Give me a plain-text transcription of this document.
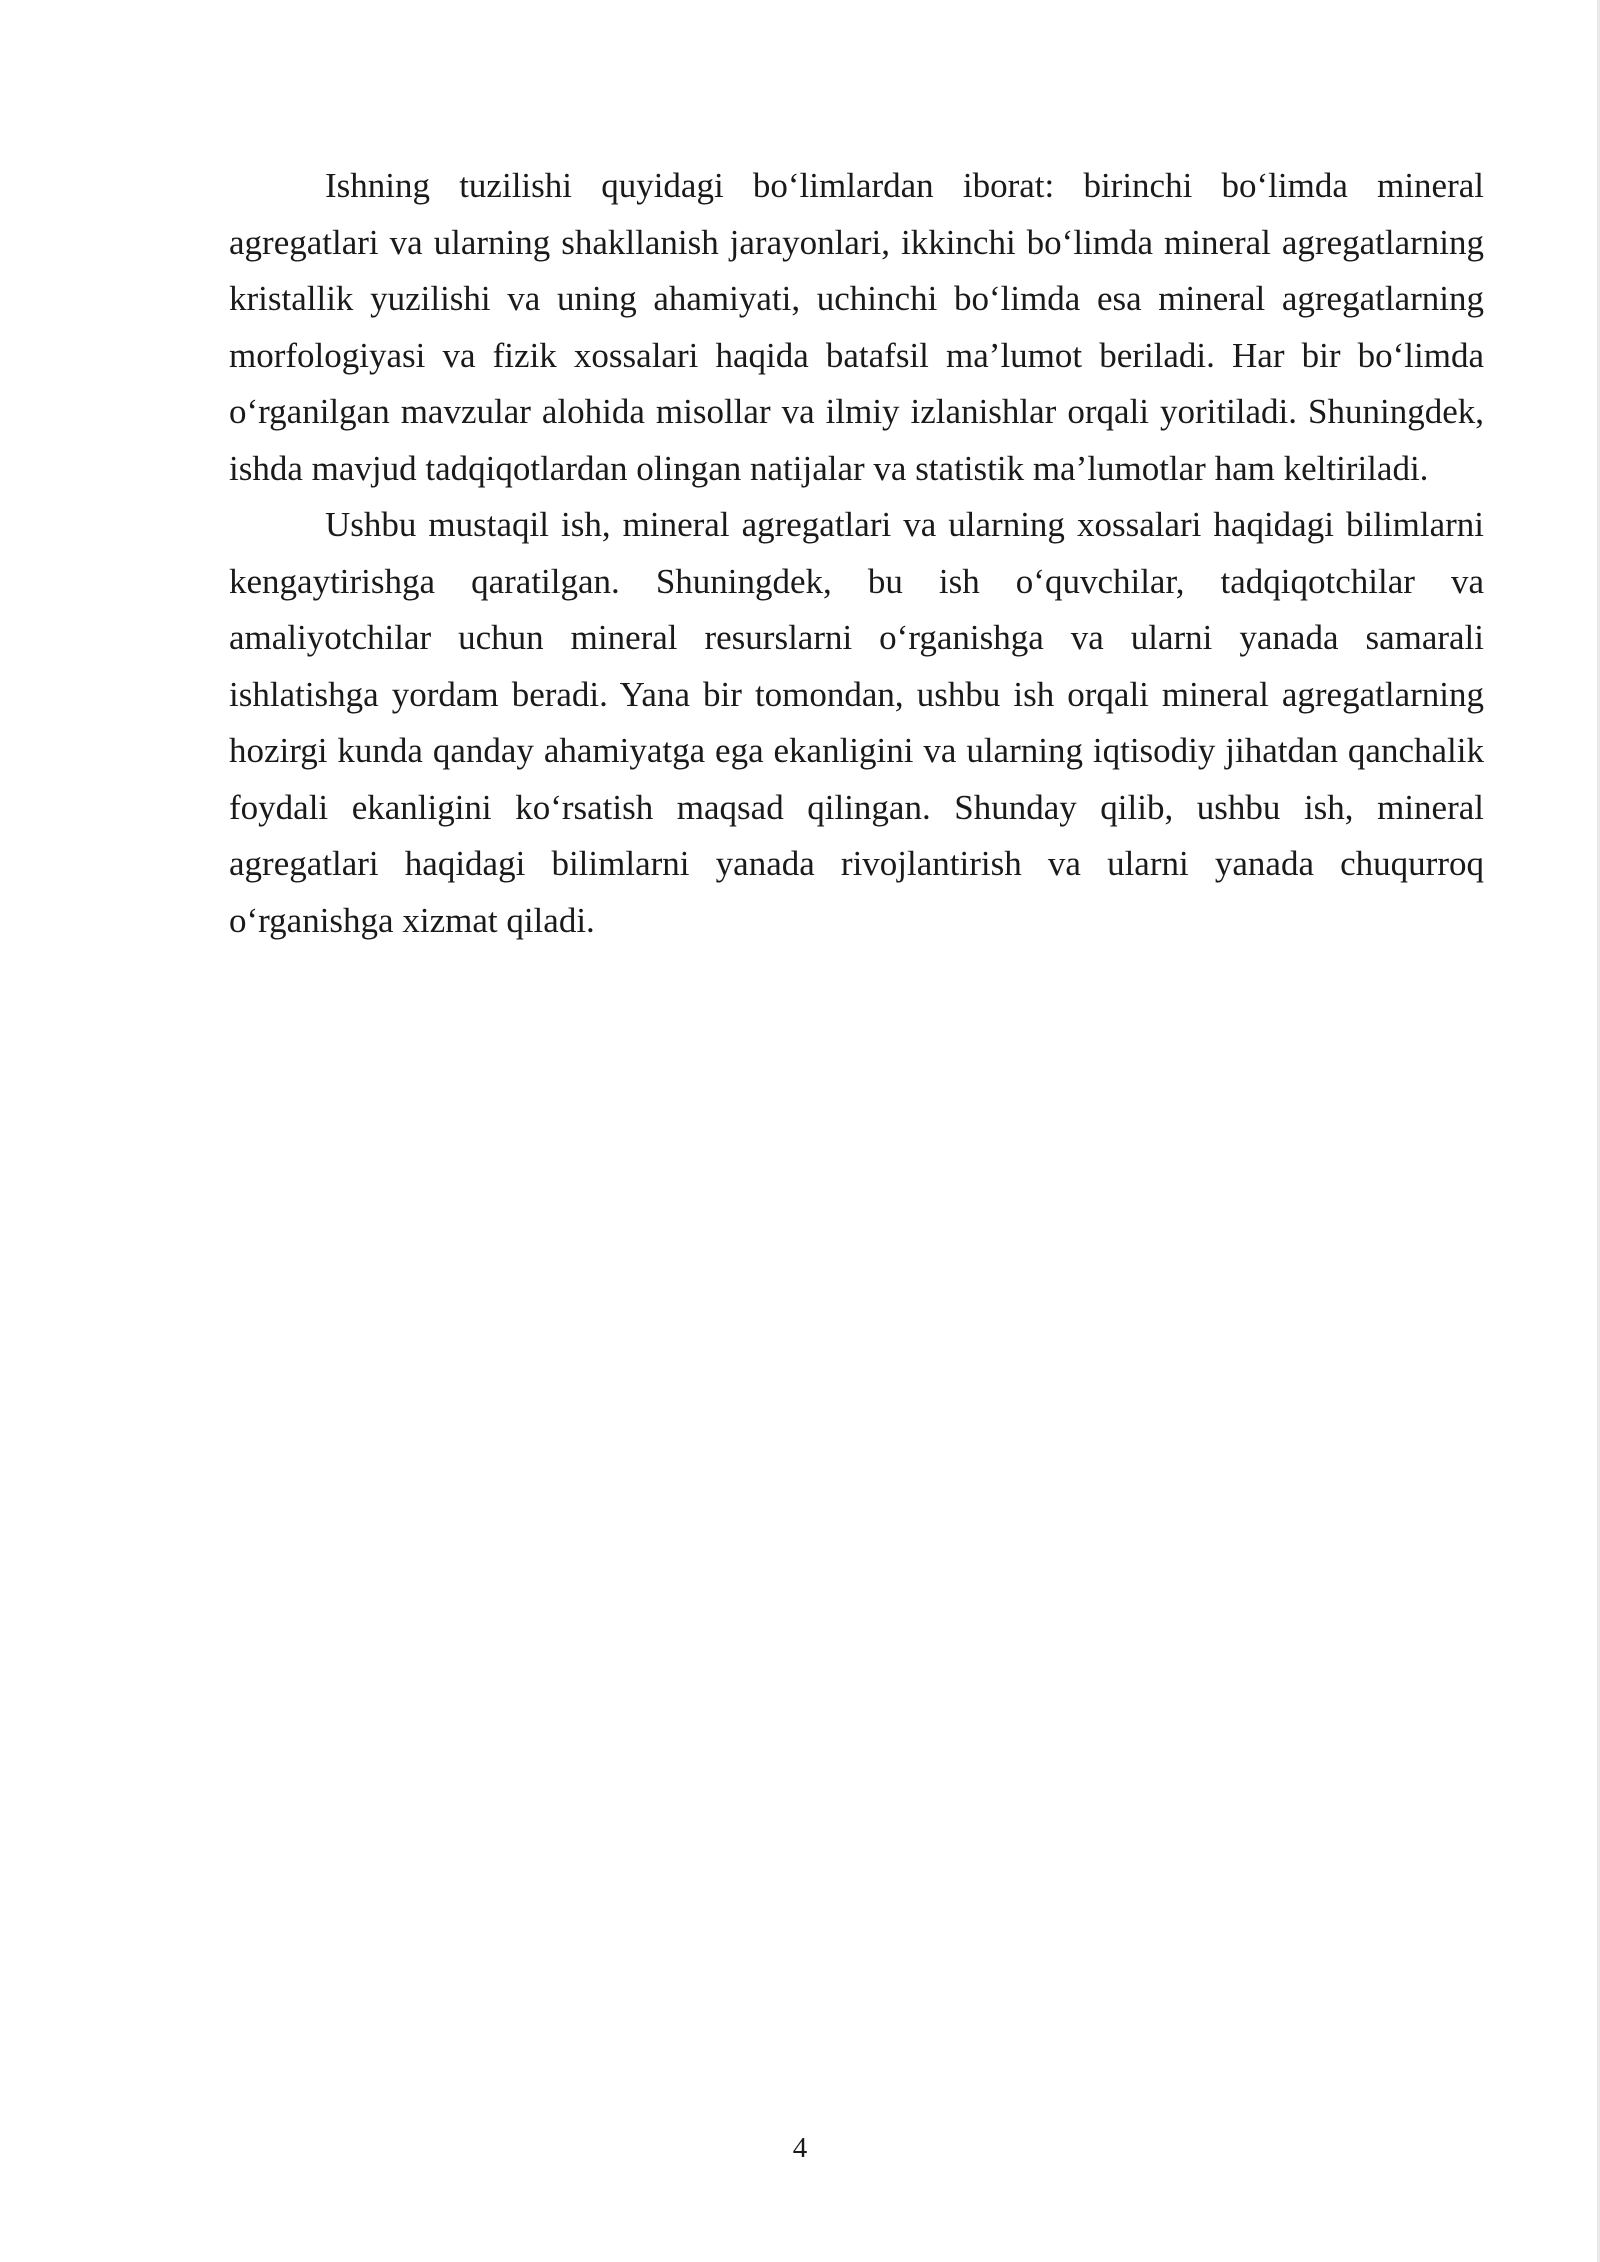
Ishning tuzilishi quyidagi bo‘limlardan iborat: birinchi bo‘limda mineral agregatlari va ularning shakllanish jarayonlari, ikkinchi bo‘limda mineral agregatlarning kristallik yuzilishi va uning ahamiyati, uchinchi bo‘limda esa mineral agregatlarning morfologiyasi va fizik xossalari haqida batafsil ma’lumot beriladi. Har bir bo‘limda o‘rganilgan mavzular alohida misollar va ilmiy izlanishlar orqali yoritiladi. Shuningdek, ishda mavjud tadqiqotlardan olingan natijalar va statistik ma’lumotlar ham keltiriladi.

Ushbu mustaqil ish, mineral agregatlari va ularning xossalari haqidagi bilimlarni kengaytirishga qaratilgan. Shuningdek, bu ish o‘quvchilar, tadqiqotchilar va amaliyotchilar uchun mineral resurslarni o‘rganishga va ularni yanada samarali ishlatishga yordam beradi. Yana bir tomondan, ushbu ish orqali mineral agregatlarning hozirgi kunda qanday ahamiyatga ega ekanligini va ularning iqtisodiy jihatdan qanchalik foydali ekanligini ko‘rsatish maqsad qilingan. Shunday qilib, ushbu ish, mineral agregatlari haqidagi bilimlarni yanada rivojlantirish va ularni yanada chuqurroq o‘rganishga xizmat qiladi.

4
